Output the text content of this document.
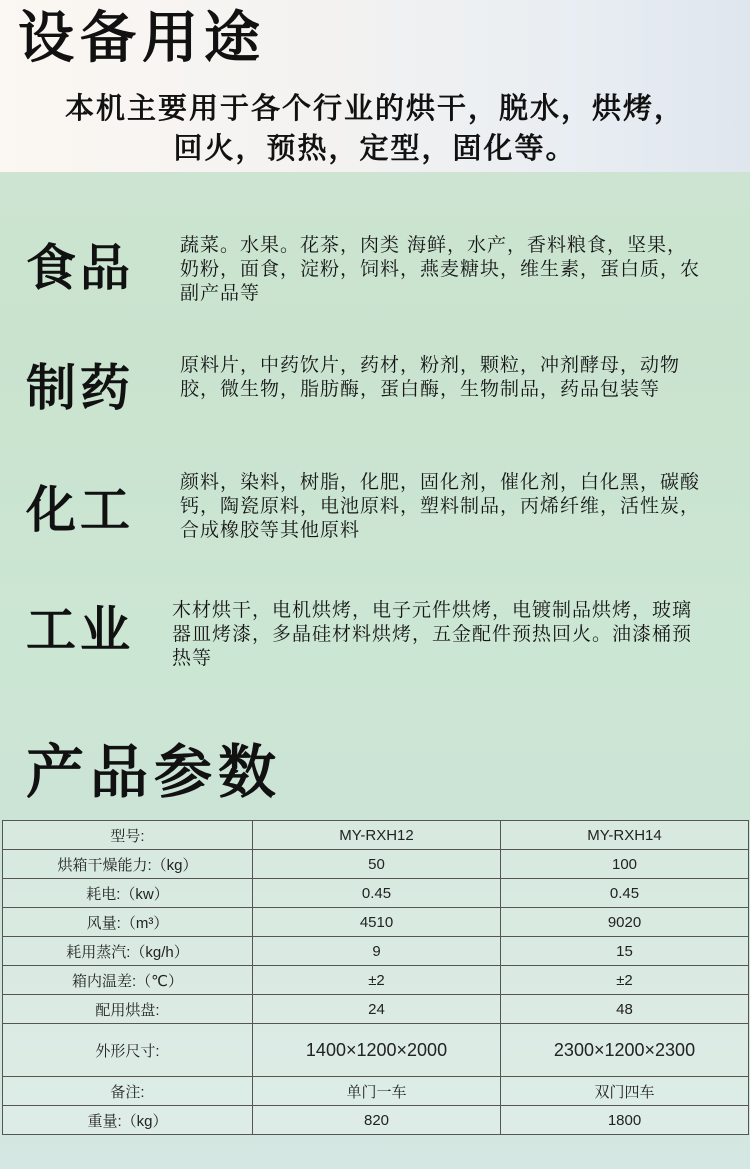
设备用途
本机主要用于各个行业的烘干，脱水，烘烤，
回火，预热，定型，固化等。
食品 蔬菜。水果。花茶，肉类 海鲜，水产，香料粮食，坚果，奶粉，面食，淀粉，饲料，燕麦糖块，维生素，蛋白质，农副产品等
制药 原料片，中药饮片，药材，粉剂，颗粒，冲剂酵母，动物胶，微生物，脂肪酶，蛋白酶，生物制品，药品包装等
化工 颜料，染料，树脂，化肥，固化剂，催化剂，白化黑，碳酸钙，陶瓷原料，电池原料，塑料制品，丙烯纤维，活性炭，合成橡胶等其他原料
工业 木材烘干，电机烘烤，电子元件烘烤，电镀制品烘烤，玻璃器皿烤漆，多晶硅材料烘烤，五金配件预热回火。油漆桶预热等
产品参数
型号:	MY-RXH12	MY-RXH14
烘箱干燥能力:（kg）	50	100
耗电:（kw）	0.45	0.45
风量:（m³）	4510	9020
耗用蒸汽:（kg/h）	9	15
箱内温差:（℃）	±2	±2
配用烘盘:	24	48
外形尺寸:	1400×1200×2000	2300×1200×2300
备注:	单门一车	双门四车
重量:（kg）	820	1800
